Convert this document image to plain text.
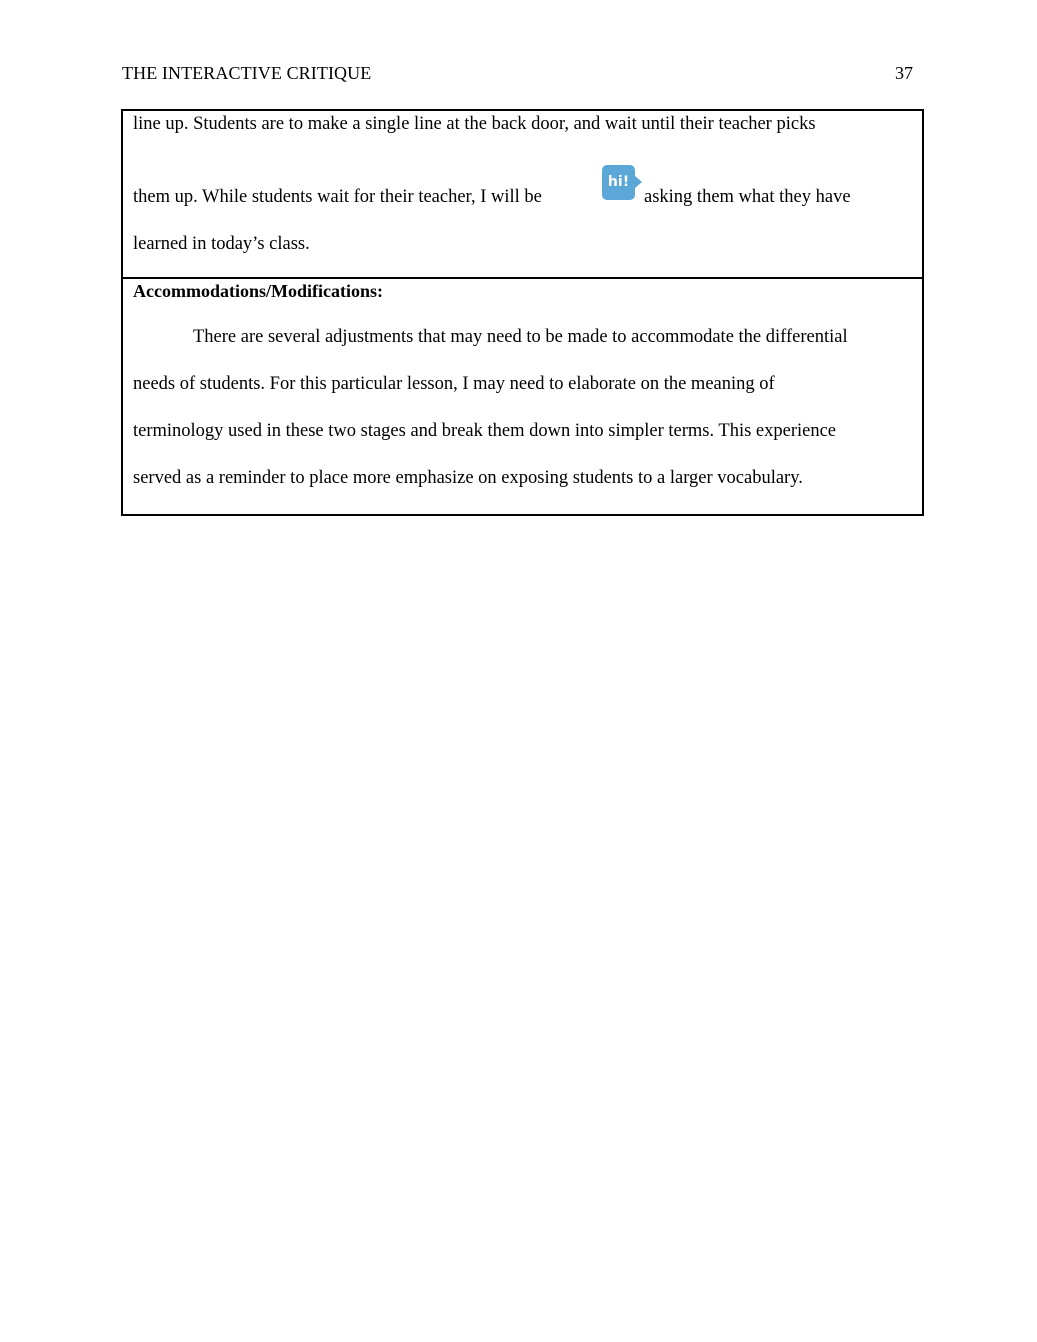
THE INTERACTIVE CRITIQUE	37
line up. Students are to make a single line at the back door, and wait until their teacher picks
them up. While students wait for their teacher, I will be	asking them what they have
learned in today’s class.
Accommodations/Modifications:
There are several adjustments that may need to be made to accommodate the differential
needs of students. For this particular lesson, I may need to elaborate on the meaning of
terminology used in these two stages and break them down into simpler terms. This experience
served as a reminder to place more emphasize on exposing students to a larger vocabulary.
hi!
